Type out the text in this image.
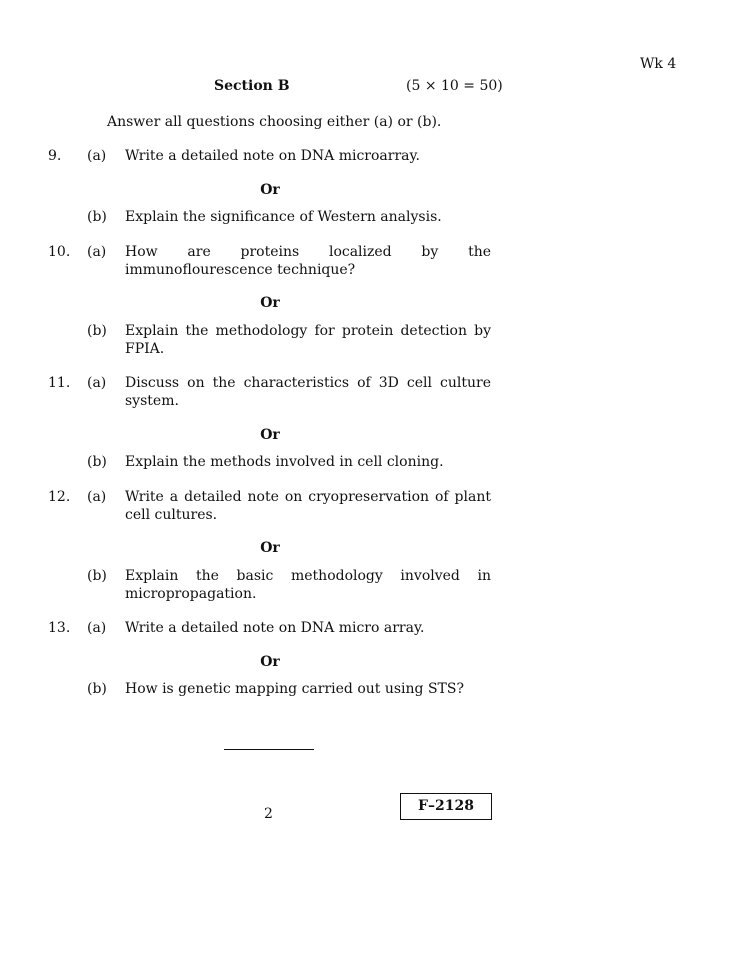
Wk 4
Section B	(5 × 10 = 50)
Answer all questions choosing either (a) or (b).
9. (a) Write a detailed note on DNA microarray.
Or
(b) Explain the significance of Western analysis.
10. (a) How are proteins localized by the immunoflourescence technique?
Or
(b) Explain the methodology for protein detection by FPIA.
11. (a) Discuss on the characteristics of 3D cell culture system.
Or
(b) Explain the methods involved in cell cloning.
12. (a) Write a detailed note on cryopreservation of plant cell cultures.
Or
(b) Explain the basic methodology involved in micropropagation.
13. (a) Write a detailed note on DNA micro array.
Or
(b) How is genetic mapping carried out using STS?
2	F–2128
